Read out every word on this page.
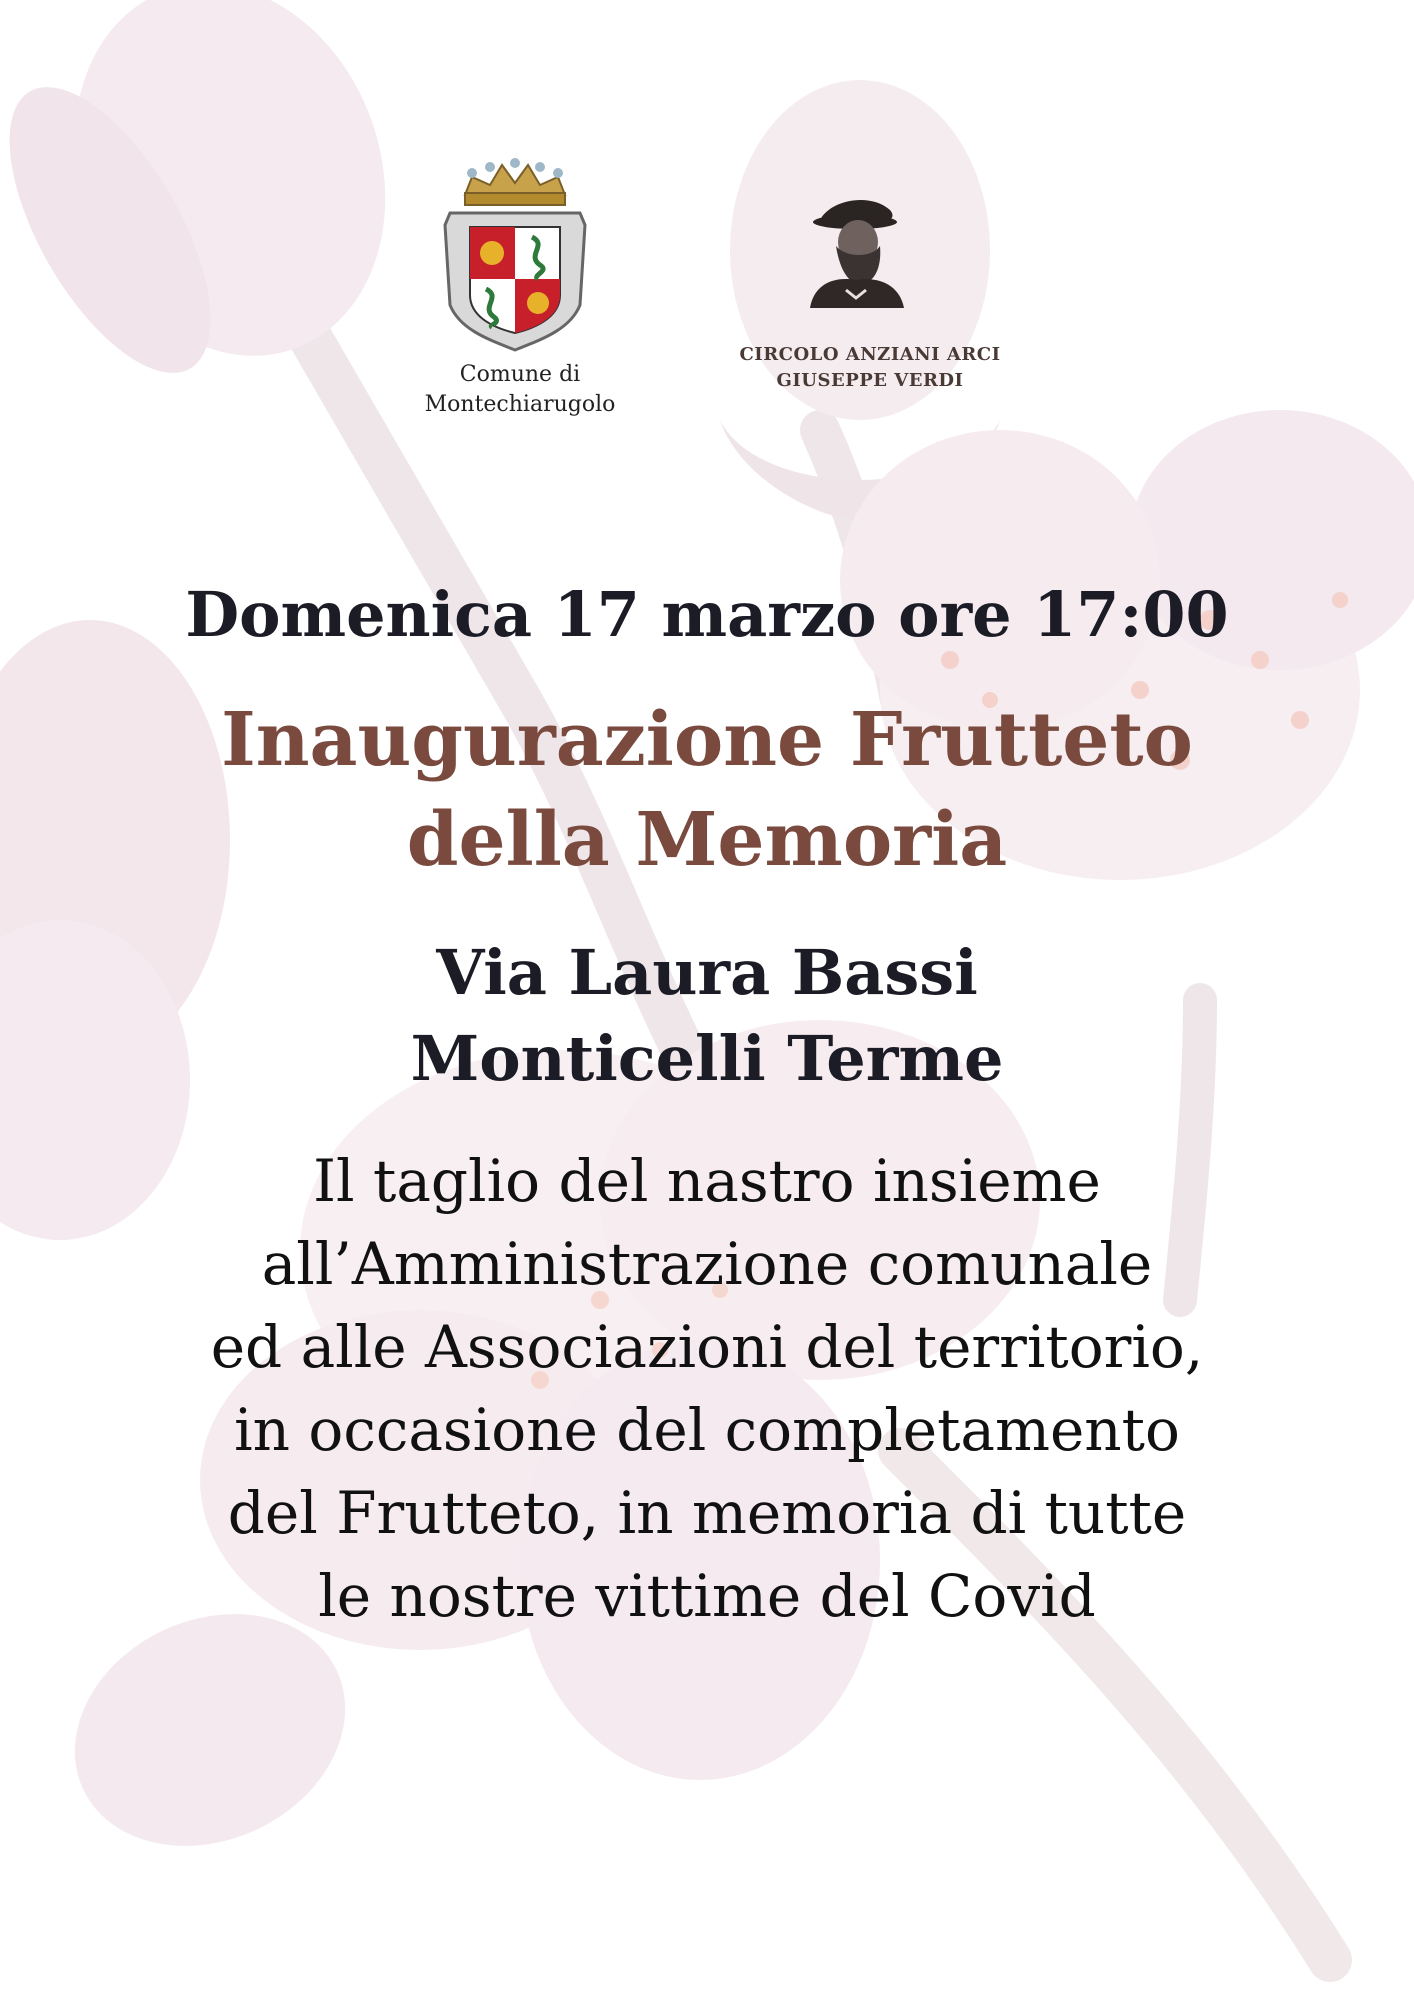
Comune di
Montechiarugolo
CIRCOLO ANZIANI ARCI
GIUSEPPE VERDI
Domenica 17 marzo ore 17:00
Inaugurazione Frutteto
della Memoria
Via Laura Bassi
Monticelli Terme
Il taglio del nastro insieme
all’Amministrazione comunale
ed alle Associazioni del territorio,
in occasione del completamento
del Frutteto, in memoria di tutte
le nostre vittime del Covid
